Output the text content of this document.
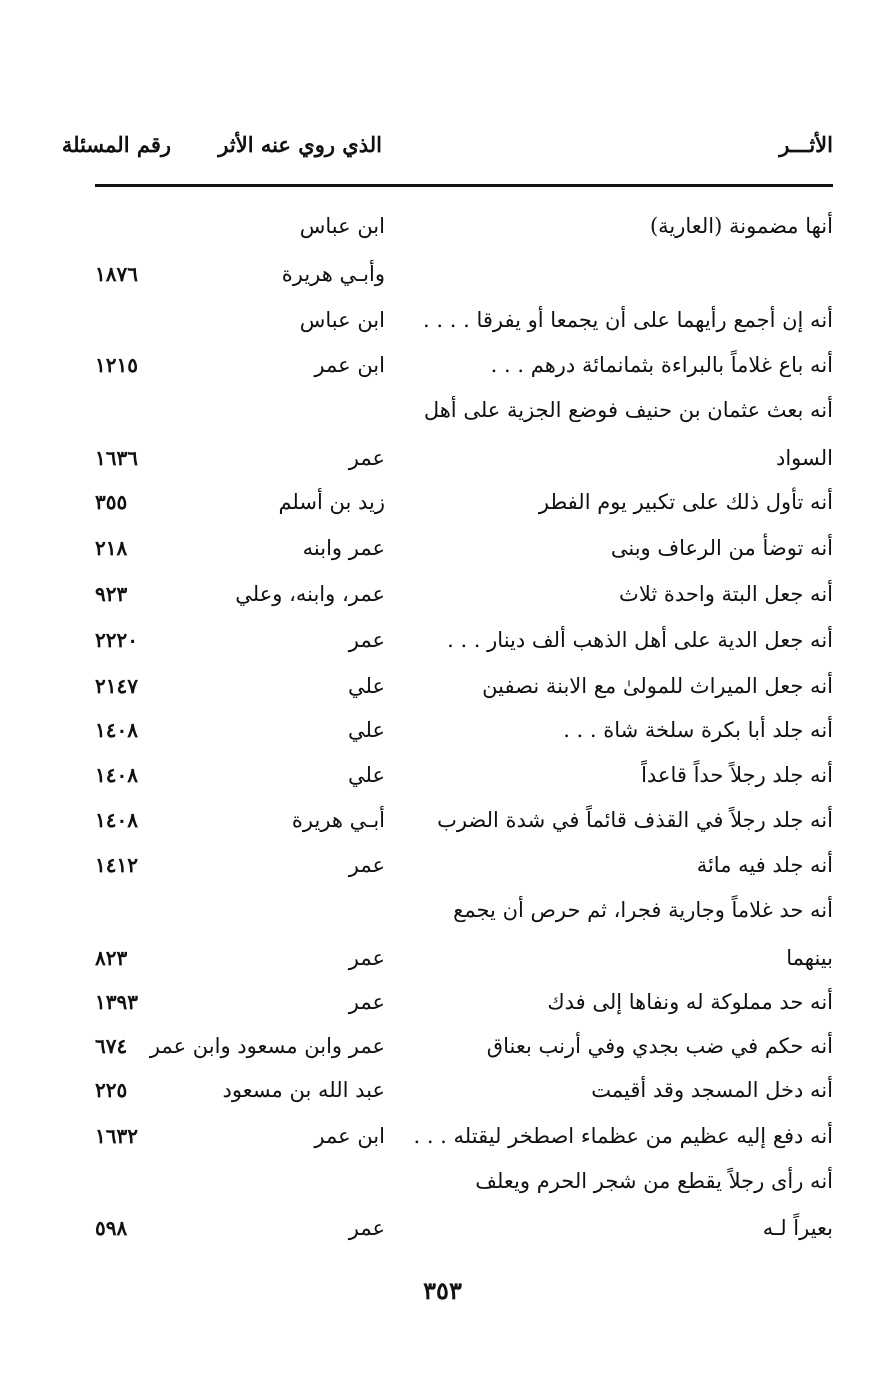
الأثـــر
الذي روي عنه الأثر
رقم المسئلة
أنها مضمونة (العارية)
ابن عباس
وأبـي هريرة
١٨٧٦
أنه إن أجمع رأيهما على أن يجمعا أو يفرقا . . . .
ابن عباس
أنه باع غلاماً بالبراءة بثمانمائة درهم . . .
ابن عمر
١٢١٥
أنه بعث عثمان بن حنيف فوضع الجزية على أهل
السواد
عمر
١٦٣٦
أنه تأول ذلك على تكبير يوم الفطر
زيد بن أسلم
٣٥٥
أنه توضأ من الرعاف وبنى
عمر وابنه
٢١٨
أنه جعل البتة واحدة ثلاث
عمر، وابنه، وعلي
٩٢٣
أنه جعل الدية على أهل الذهب ألف دينار . . .
عمر
٢٢٢٠
أنه جعل الميراث للمولىٰ مع الابنة نصفين
علي
٢١٤٧
أنه جلد أبا بكرة سلخة شاة . . .
علي
١٤٠٨
أنه جلد رجلاً حداً قاعداً
علي
١٤٠٨
أنه جلد رجلاً في القذف قائماً في شدة الضرب
أبـي هريرة
١٤٠٨
أنه جلد فيه مائة
عمر
١٤١٢
أنه حد غلاماً وجارية فجرا، ثم حرص أن يجمع
بينهما
عمر
٨٢٣
أنه حد مملوكة له ونفاها إلى فدك
عمر
١٣٩٣
أنه حكم في ضب بجدي وفي أرنب بعناق
عمر وابن مسعود وابن عمر
٦٧٤
أنه دخل المسجد وقد أقيمت
عبد الله بن مسعود
٢٢٥
أنه دفع إليه عظيم من عظماء اصطخر ليقتله . . .
ابن عمر
١٦٣٢
أنه رأى رجلاً يقطع من شجر الحرم ويعلف
بعيراً لـه
عمر
٥٩٨
٣٥٣
